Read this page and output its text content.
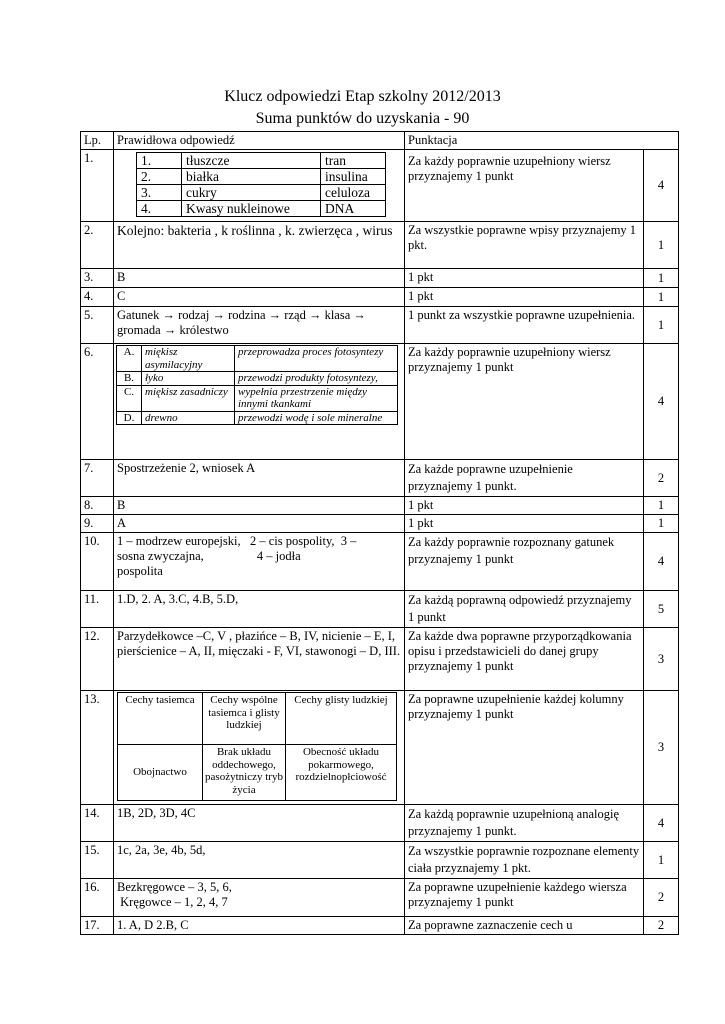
Klucz odpowiedzi Etap szkolny 2012/2013
Suma punktów do uzyskania - 90
Lp.	Prawidłowa odpowiedź	Punktacja
1.		1.	tłuszcze	tran
2.	białka	insulina
3.	cukry	celuloza
4.	Kwasy nukleinowe	DNA
	Za każdy poprawnie uzupełniony wiersz przyznajemy 1 punkt	4
2.	Kolejno: bakteria , k roślinna , k. zwierzęca , wirus	Za wszystkie poprawne wpisy przyznajemy 1 pkt.	1
3.	B	1 pkt	1
4.	C	1 pkt	1
5.	Gatunek → rodzaj → rodzina → rząd → klasa → gromada → królestwo	1 punkt za wszystkie poprawne uzupełnienia.	1
6.		A.	miękisz asymilacyjny	przeprowadza proces fotosyntezy
B.	łyko	przewodzi produkty fotosyntezy,
C.	miękisz zasadniczy	wypełnia przestrzenie między innymi tkankami
D.	drewno	przewodzi wodę i sole mineralne
	Za każdy poprawnie uzupełniony wiersz przyznajemy 1 punkt	4
7.	Spostrzeżenie 2, wniosek A	Za każde poprawne uzupełnienie przyznajemy 1 punkt.	2
8.	B	1 pkt	1
9.	A	1 pkt	1
10.	1 – modrzew europejski,   2 – cis pospolity,  3 –
sosna zwyczajna,                 4 – jodła
pospolita
	Za każdy poprawnie rozpoznany gatunek przyznajemy 1 punkt	4
11.	1.D, 2. A, 3.C, 4.B, 5.D,	Za każdą poprawną odpowiedź przyznajemy 1 punkt	5
12.	Parzydełkowce –C, V , płazińce – B, IV, nicienie – E, I, pierścienice – A, II, mięczaki - F, VI, stawonogi – D, III.	Za każde dwa poprawne przyporządkowania opisu i przedstawicieli do danej grupy przyznajemy 1 punkt	3
13.	Cechy tasiemca	Cechy wspólne tasiemca i glisty ludzkiej	Cechy glisty ludzkiej
Obojnactwo	Brak układu oddechowego, pasożytniczy tryb życia	Obecność układu pokarmowego, rozdzielnopłciowość
	Za poprawne uzupełnienie każdej kolumny przyznajemy 1 punkt	3
14.	1B, 2D, 3D, 4C	Za każdą poprawnie uzupełnioną analogię przyznajemy 1 punkt.	4
15.	1c, 2a, 3e, 4b, 5d,	Za wszystkie poprawnie rozpoznane elementy ciała przyznajemy 1 pkt.	1
16.	Bezkręgowce – 3, 5, 6,
Kręgowce – 1, 2, 4, 7
	Za poprawne uzupełnienie każdego wiersza przyznajemy 1 punkt	2
17.	1. A, D 2.B, C	Za poprawne zaznaczenie cech u	2
